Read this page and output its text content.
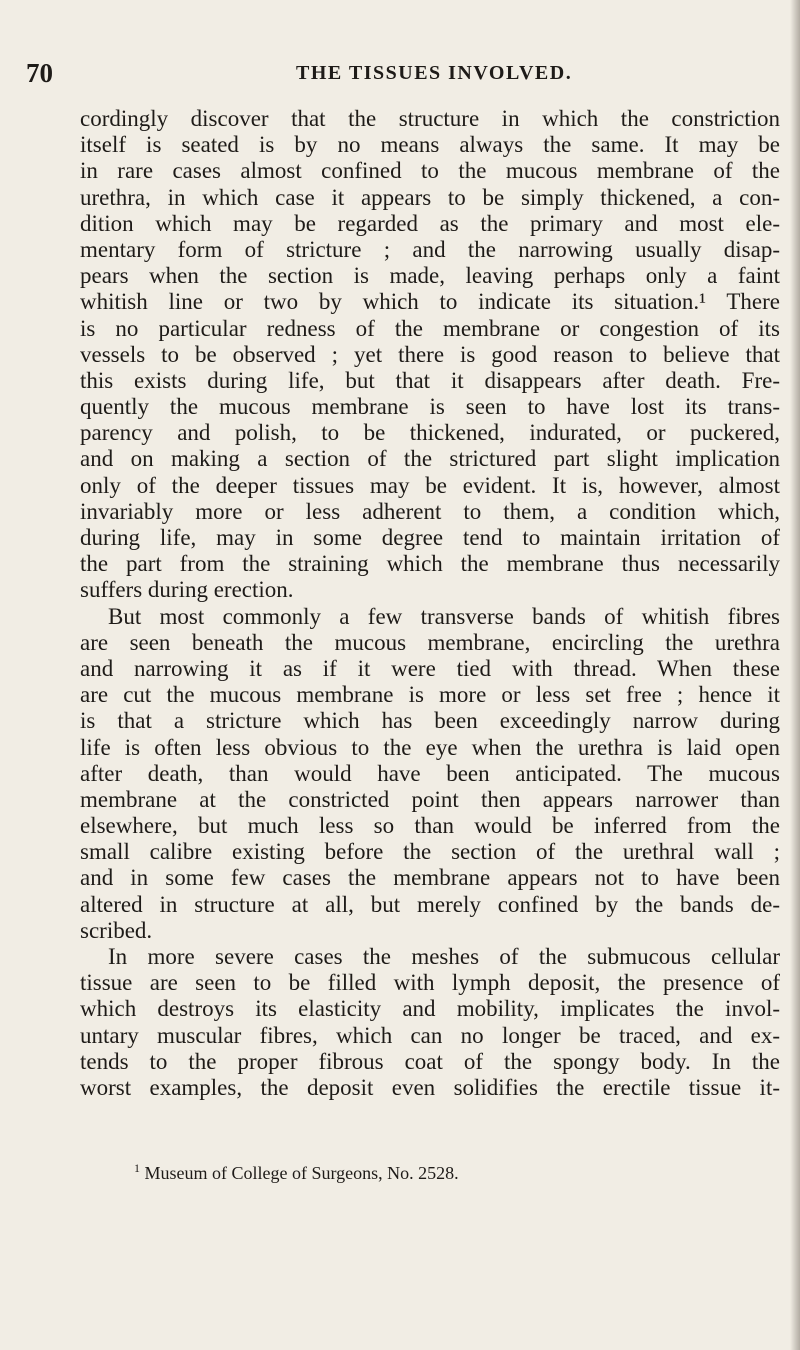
70	THE TISSUES INVOLVED.
cordingly discover that the structure in which the constriction
itself is seated is by no means always the same. It may be
in rare cases almost confined to the mucous membrane of the
urethra, in which case it appears to be simply thickened, a con-
dition which may be regarded as the primary and most ele-
mentary form of stricture ; and the narrowing usually disap-
pears when the section is made, leaving perhaps only a faint
whitish line or two by which to indicate its situation.¹ There
is no particular redness of the membrane or congestion of its
vessels to be observed ; yet there is good reason to believe that
this exists during life, but that it disappears after death. Fre-
quently the mucous membrane is seen to have lost its trans-
parency and polish, to be thickened, indurated, or puckered,
and on making a section of the strictured part slight implication
only of the deeper tissues may be evident. It is, however, almost
invariably more or less adherent to them, a condition which,
during life, may in some degree tend to maintain irritation of
the part from the straining which the membrane thus necessarily
suffers during erection.
But most commonly a few transverse bands of whitish fibres
are seen beneath the mucous membrane, encircling the urethra
and narrowing it as if it were tied with thread. When these
are cut the mucous membrane is more or less set free ; hence it
is that a stricture which has been exceedingly narrow during
life is often less obvious to the eye when the urethra is laid open
after death, than would have been anticipated. The mucous
membrane at the constricted point then appears narrower than
elsewhere, but much less so than would be inferred from the
small calibre existing before the section of the urethral wall ;
and in some few cases the membrane appears not to have been
altered in structure at all, but merely confined by the bands de-
scribed.
In more severe cases the meshes of the submucous cellular
tissue are seen to be filled with lymph deposit, the presence of
which destroys its elasticity and mobility, implicates the invol-
untary muscular fibres, which can no longer be traced, and ex-
tends to the proper fibrous coat of the spongy body. In the
worst examples, the deposit even solidifies the erectile tissue it-
$^1$ Museum of College of Surgeons, No. 2528.
